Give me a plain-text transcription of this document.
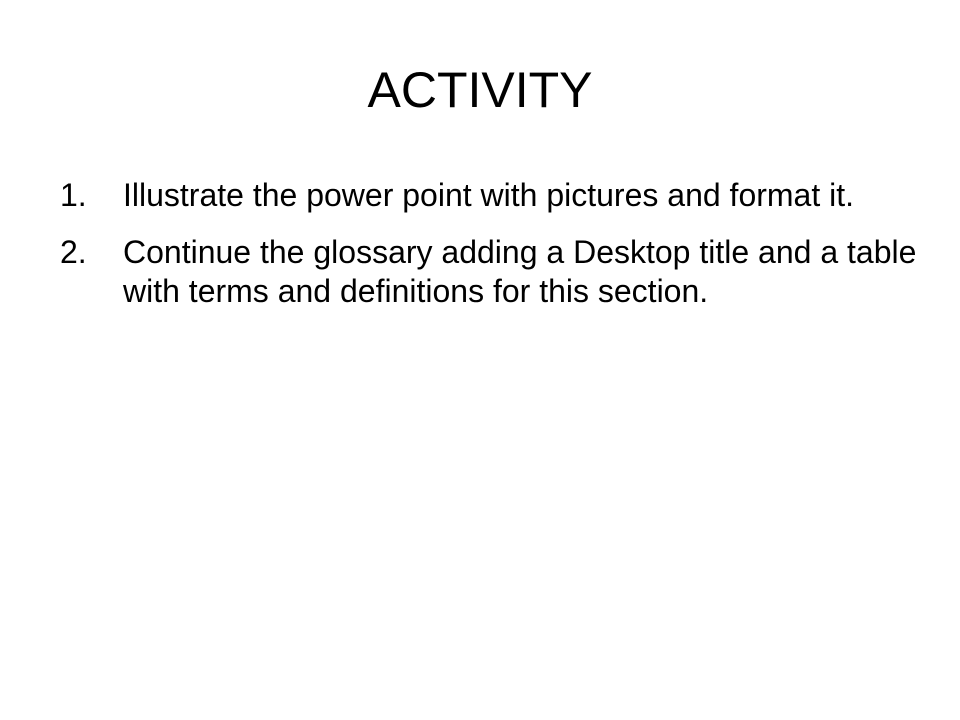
ACTIVITY
1. Illustrate the power point with pictures and format it.
2. Continue the glossary adding a Desktop title and a table with terms and definitions for this section.
